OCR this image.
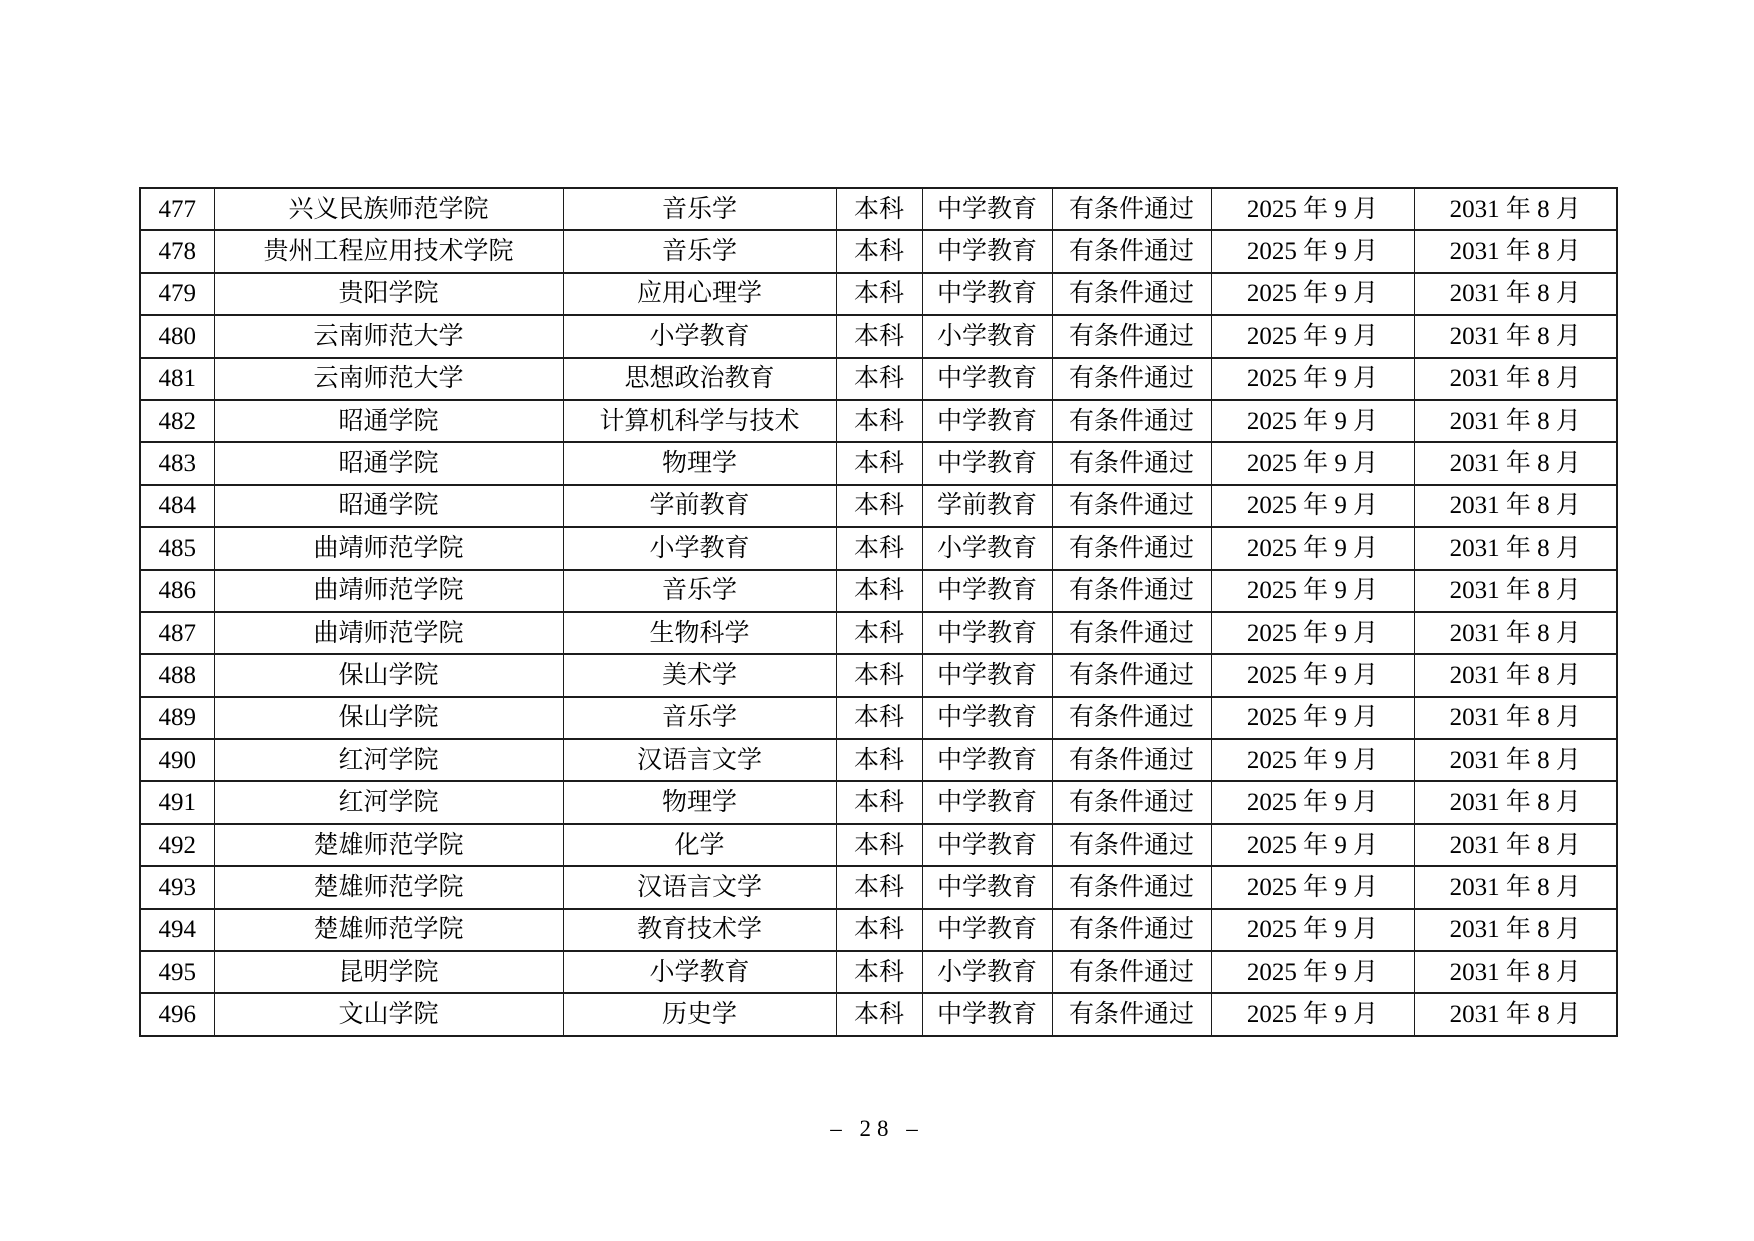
477	兴义民族师范学院	音乐学	本科	中学教育	有条件通过	2025 年 9 月	2031 年 8 月
478	贵州工程应用技术学院	音乐学	本科	中学教育	有条件通过	2025 年 9 月	2031 年 8 月
479	贵阳学院	应用心理学	本科	中学教育	有条件通过	2025 年 9 月	2031 年 8 月
480	云南师范大学	小学教育	本科	小学教育	有条件通过	2025 年 9 月	2031 年 8 月
481	云南师范大学	思想政治教育	本科	中学教育	有条件通过	2025 年 9 月	2031 年 8 月
482	昭通学院	计算机科学与技术	本科	中学教育	有条件通过	2025 年 9 月	2031 年 8 月
483	昭通学院	物理学	本科	中学教育	有条件通过	2025 年 9 月	2031 年 8 月
484	昭通学院	学前教育	本科	学前教育	有条件通过	2025 年 9 月	2031 年 8 月
485	曲靖师范学院	小学教育	本科	小学教育	有条件通过	2025 年 9 月	2031 年 8 月
486	曲靖师范学院	音乐学	本科	中学教育	有条件通过	2025 年 9 月	2031 年 8 月
487	曲靖师范学院	生物科学	本科	中学教育	有条件通过	2025 年 9 月	2031 年 8 月
488	保山学院	美术学	本科	中学教育	有条件通过	2025 年 9 月	2031 年 8 月
489	保山学院	音乐学	本科	中学教育	有条件通过	2025 年 9 月	2031 年 8 月
490	红河学院	汉语言文学	本科	中学教育	有条件通过	2025 年 9 月	2031 年 8 月
491	红河学院	物理学	本科	中学教育	有条件通过	2025 年 9 月	2031 年 8 月
492	楚雄师范学院	化学	本科	中学教育	有条件通过	2025 年 9 月	2031 年 8 月
493	楚雄师范学院	汉语言文学	本科	中学教育	有条件通过	2025 年 9 月	2031 年 8 月
494	楚雄师范学院	教育技术学	本科	中学教育	有条件通过	2025 年 9 月	2031 年 8 月
495	昆明学院	小学教育	本科	小学教育	有条件通过	2025 年 9 月	2031 年 8 月
496	文山学院	历史学	本科	中学教育	有条件通过	2025 年 9 月	2031 年 8 月
– 28 –
